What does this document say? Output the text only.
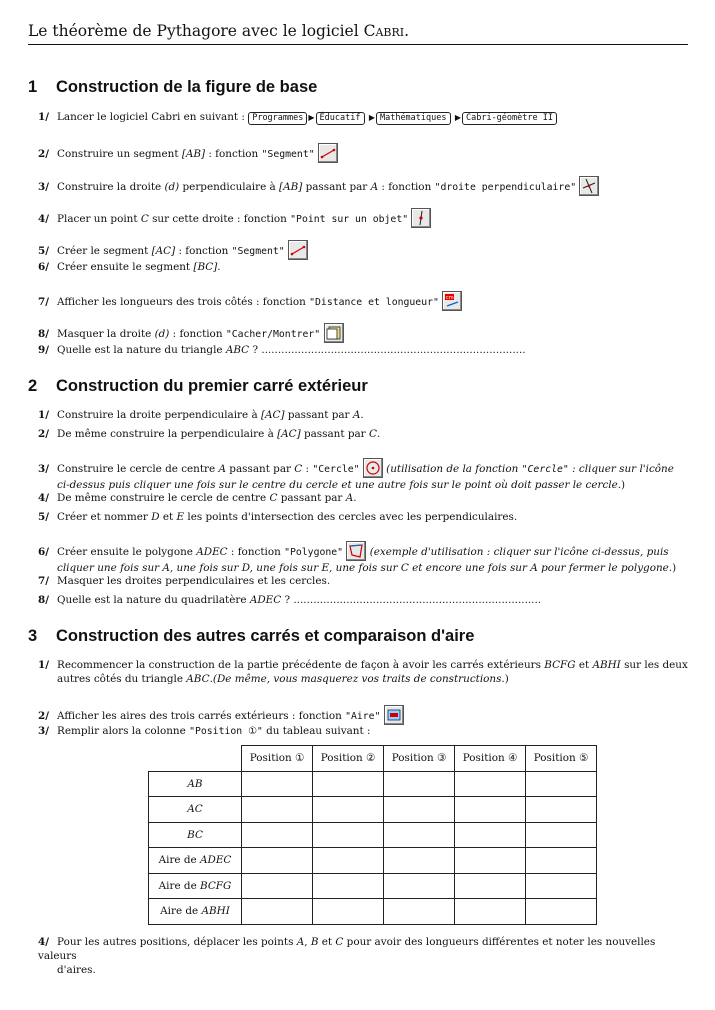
Le théorème de Pythagore avec le logiciel Cabri.
1 Construction de la figure de base
1/ Lancer le logiciel Cabri en suivant : Programmes ▶ Éducatif ▶ Mathématiques ▶ Cabri-géomètre II
2/ Construire un segment [AB] : fonction "Segment"
3/ Construire la droite (d) perpendiculaire à [AB] passant par A : fonction "droite perpendiculaire"
4/ Placer un point C sur cette droite : fonction "Point sur un objet"
5/ Créer le segment [AC] : fonction "Segment"
6/ Créer ensuite le segment [BC].
7/ Afficher les longueurs des trois côtés : fonction "Distance et longueur" cm
8/ Masquer la droite (d) : fonction "Cacher/Montrer"
9/ Quelle est la nature du triangle ABC ? ................................................................................
2 Construction du premier carré extérieur
1/ Construire la droite perpendiculaire à [AC] passant par A.
2/ De même construire la perpendiculaire à [AC] passant par C.
3/ Construire le cercle de centre A passant par C : "Cercle"	(utilisation de la fonction "Cercle" : cliquer sur l'icône
ci-dessus puis cliquer une fois sur le centre du cercle et une autre fois sur le point où doit passer le cercle.)
4/ De même construire le cercle de centre C passant par A.
5/ Créer et nommer D et E les points d'intersection des cercles avec les perpendiculaires.
6/ Créer ensuite le polygone ADEC : fonction "Polygone"	(exemple d'utilisation : cliquer sur l'icône ci-dessus, puis
cliquer une fois sur A, une fois sur D, une fois sur E, une fois sur C et encore une fois sur A pour fermer le polygone.)
7/ Masquer les droites perpendiculaires et les cercles.
8/ Quelle est la nature du quadrilatère ADEC ? ...........................................................................
3 Construction des autres carrés et comparaison d'aire
1/ Recommencer la construction de la partie précédente de façon à avoir les carrés extérieurs BCFG et ABHI sur les deux
autres côtés du triangle ABC.(De même, vous masquerez vos traits de constructions.)
2/ Afficher les aires des trois carrés extérieurs : fonction "Aire"
3/ Remplir alors la colonne "Position ①" du tableau suivant :
	Position ①	Position ②	Position ③	Position ④	Position ⑤
AB					
AC					
BC					
Aire de ADEC					
Aire de BCFG					
Aire de ABHI					
4/ Pour les autres positions, déplacer les points A, B et C pour avoir des longueurs différentes et noter les nouvelles valeurs
d'aires.
